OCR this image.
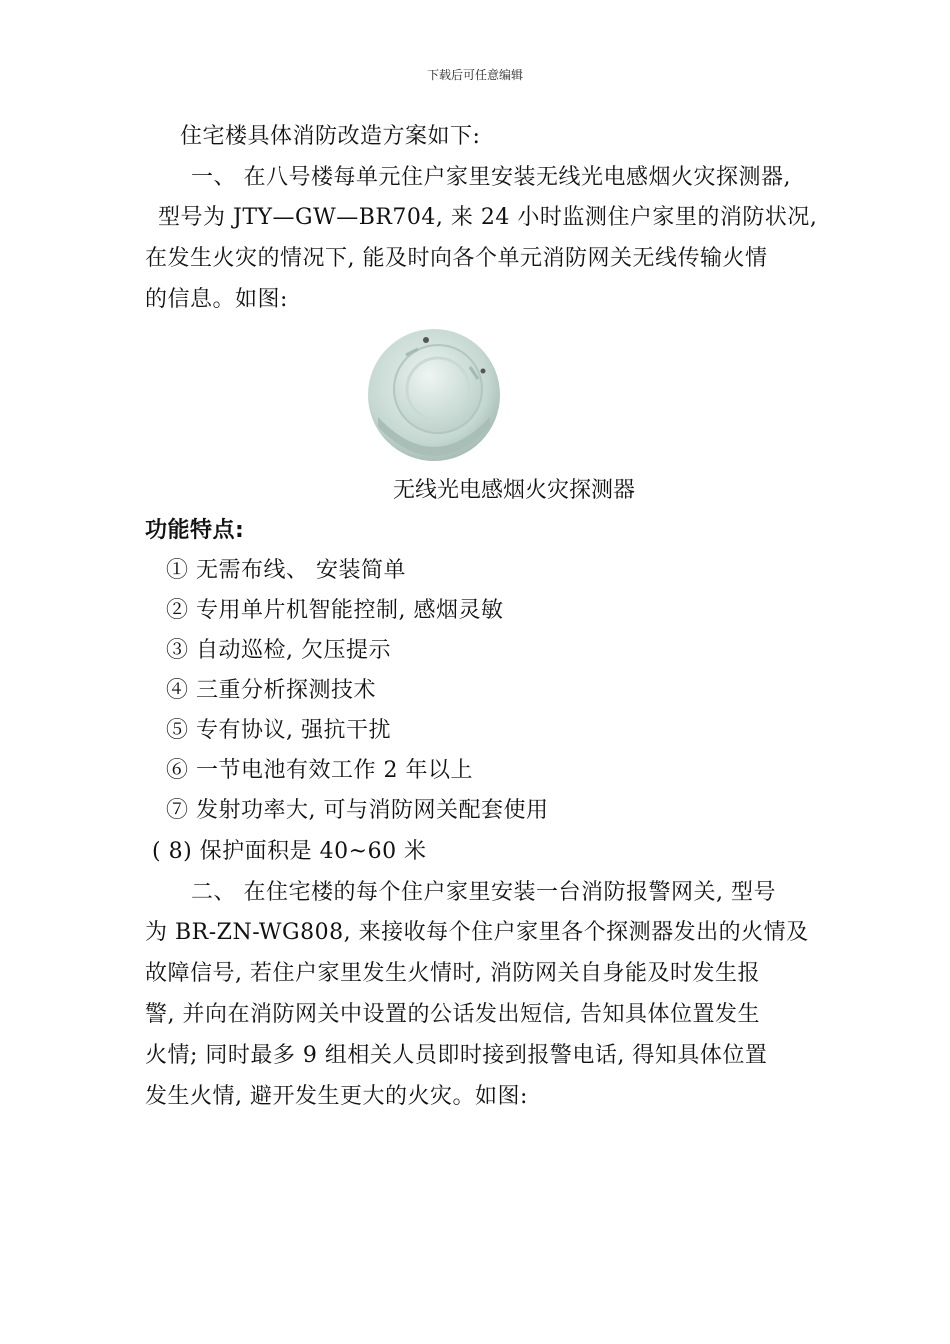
下载后可任意编辑
住宅楼具体消防改造方案如下:
一、 在八号楼每单元住户家里安装无线光电感烟火灾探测器,
型号为 JTY—GW—BR704, 来 24 小时监测住户家里的消防状况,
在发生火灾的情况下, 能及时向各个单元消防网关无线传输火情
的信息。如图:
无线光电感烟火灾探测器
功能特点:
① 无需布线、 安装简单
② 专用单片机智能控制, 感烟灵敏
③ 自动巡检, 欠压提示
④ 三重分析探测技术
⑤ 专有协议, 强抗干扰
⑥ 一节电池有效工作 2 年以上
⑦ 发射功率大, 可与消防网关配套使用
( 8) 保护面积是 40~60 米
二、 在住宅楼的每个住户家里安装一台消防报警网关, 型号
为 BR-ZN-WG808, 来接收每个住户家里各个探测器发出的火情及
故障信号, 若住户家里发生火情时, 消防网关自身能及时发生报
警, 并向在消防网关中设置的公话发出短信, 告知具体位置发生
火情; 同时最多 9 组相关人员即时接到报警电话, 得知具体位置
发生火情, 避开发生更大的火灾。如图:
